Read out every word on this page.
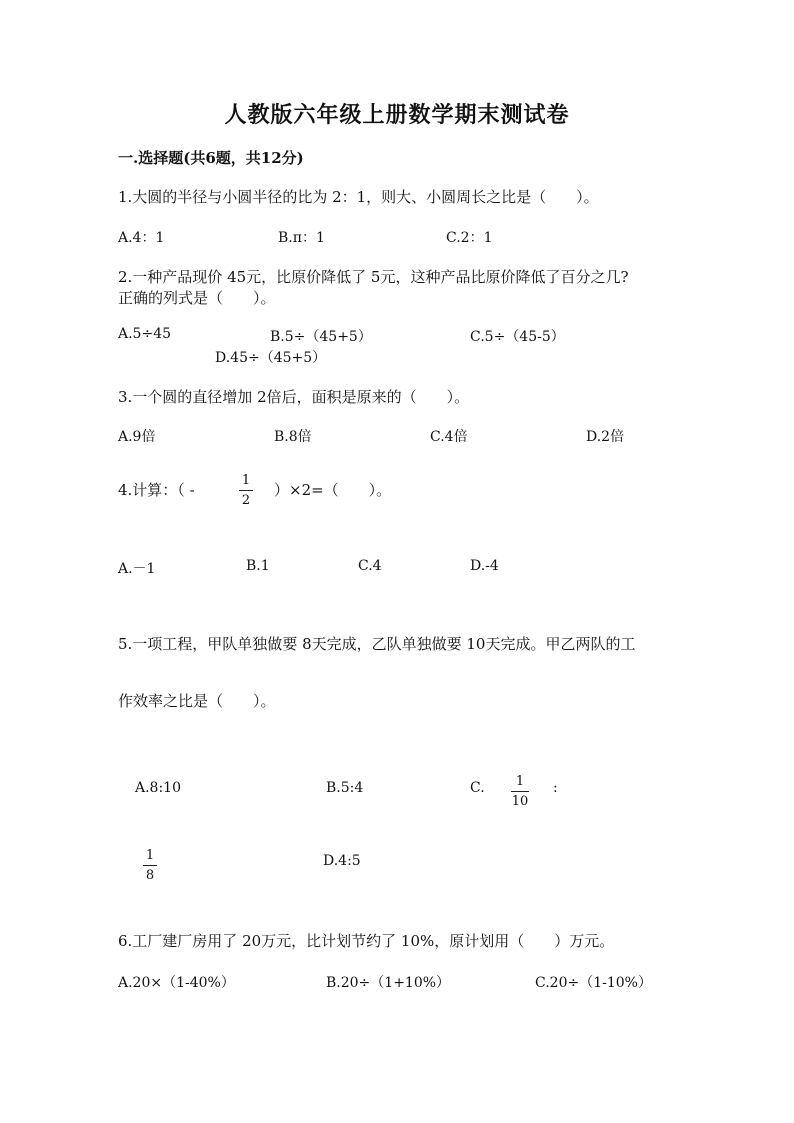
人教版六年级上册数学期末测试卷
一.选择题(共6题，共12分)
1.大圆的半径与小圆半径的比为 2：1，则大、小圆周长之比是（　　）。
A.4：1	B.π：1	C.2：1
2.一种产品现价 45元，比原价降低了 5元，这种产品比原价降低了百分之几?
正确的列式是（　　）。
A.5÷45	B.5÷（45+5）	C.5÷（45-5）
D.45÷（45+5）
3.一个圆的直径增加 2倍后，面积是原来的（　　）。
A.9倍	B.8倍	C.4倍	D.2倍
4.计算：（ -
1
2
）×2=（　　）。
A.－1	B.1	C.4	D.-4
5.一项工程，甲队单独做要 8天完成，乙队单独做要 10天完成。甲乙两队的工
作效率之比是（　　）。
A.8:10	B.5:4	C. 1
10
:
1
8
D.4:5
6.工厂建厂房用了 20万元，比计划节约了 10%，原计划用（　　）万元。
A.20×（1-40%）	B.20÷（1+10%）	C.20÷（1-10%）
